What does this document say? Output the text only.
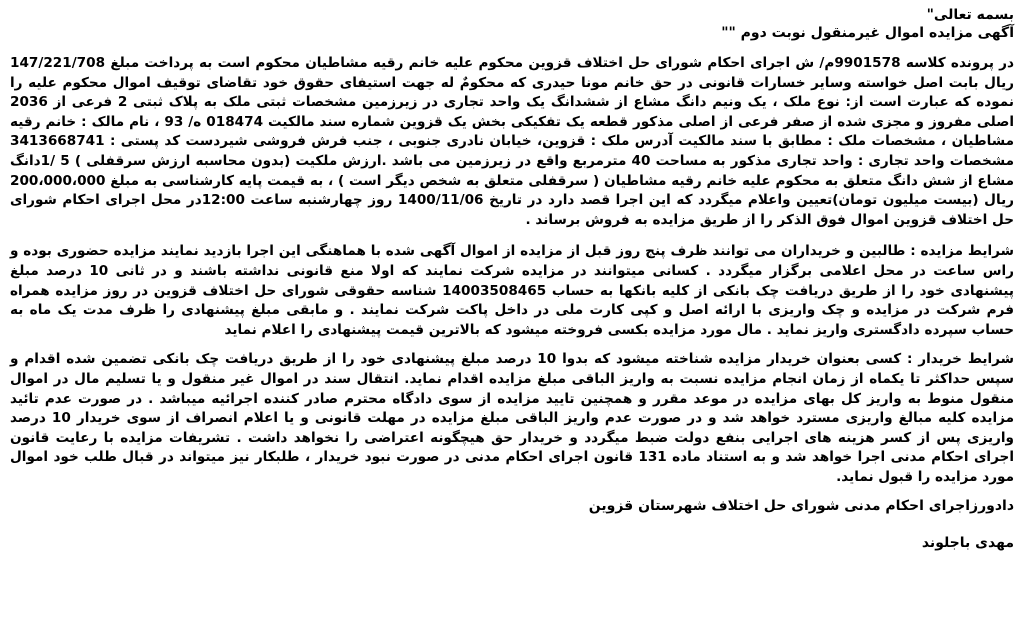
بسمه تعالی"

آگهی مزایده اموال غیرمنقول نوبت دوم ""

در پرونده کلاسه 9901578م/ ش اجرای احکام شورای حل اختلاف قزوین محکوم علیه خانم رقیه مشاطیان محکوم است به پرداخت مبلغ 147/221/708 ریال بابت اصل خواسته وسایر خسارات قانونی در حق خانم مونا حیدری که محکومٌ له جهت استیفای حقوق خود تقاضای توقیف اموال محکوم علیه را نموده که عبارت است از: نوع ملک ، یک ونیم دانگ مشاع از ششدانگ یک واحد تجاری در زیرزمین مشخصات ثبتی ملک به پلاک ثبتی 2 فرعی از 2036 اصلی مفروز و مجزی شده از صفر فرعی از اصلی مذکور قطعه یک تفکیکی بخش یک قزوین شماره سند مالکیت 018474 ه/ 93 ، نام مالک : خانم رقیه مشاطیان ، مشخصات ملک : مطابق با سند مالکیت آدرس ملک : قزوین، خیابان نادری جنوبی ، جنب فرش فروشی شیردست کد پستی : 3413668741 مشخصات واحد تجاری : واحد تجاری مذکور به مساحت 40 مترمربع واقع در زیرزمین می باشد .ارزش ملکیت (بدون محاسبه ارزش سرقفلی ) 5 /1دانگ مشاع از شش دانگ متعلق به محکوم علیه خانم رقیه مشاطیان ( سرقفلی متعلق به شخص دیگر است ) ، به قیمت پایه کارشناسی به مبلغ 200،000،000 ریال (بیست میلیون تومان)تعیین واعلام میگردد که این اجرا قصد دارد در تاریخ 1400/11/06 روز چهارشنبه ساعت 12:00در محل اجرای احکام شورای حل اختلاف قزوین اموال فوق الذکر را از طریق مزایده به فروش برساند .

شرایط مزایده : طالبین و خریداران می توانند ظرف پنج روز قبل از مزایده از اموال آگهی شده با هماهنگی این اجرا بازدید نمایند مزایده حضوری بوده و راس ساعت در محل اعلامی برگزار میگردد . کسانی میتوانند در مزایده شرکت نمایند که اولا منع قانونی نداشته باشند و در ثانی 10 درصد مبلغ پیشنهادی خود را از طریق دریافت چک بانکی از کلیه بانکها به حساب 14003508465 شناسه حقوقی شورای حل اختلاف قزوین در روز مزایده همراه فرم شرکت در مزایده و چک واریزی با ارائه اصل و کپی کارت ملی در داخل پاکت شرکت نمایند . و مابقی مبلغ پیشنهادی را ظرف مدت یک ماه به حساب سپرده دادگستری واریز نماید . مال مورد مزایده بکسی فروخته میشود که بالاترین قیمت پیشنهادی را اعلام نماید

شرایط خریدار : کسی بعنوان خریدار مزایده شناخته میشود که بدوا 10 درصد مبلغ پیشنهادی خود را از طریق دریافت چک بانکی تضمین شده اقدام و سپس حداکثر تا یکماه از زمان انجام مزایده نسبت به واریز الباقی مبلغ مزایده اقدام نماید. انتقال سند در اموال غیر منقول و یا تسلیم مال در اموال منقول منوط به واریز کل بهای مزایده در موعد مقرر و همچنین تایید مزایده از سوی دادگاه محترم صادر کننده اجرائیه میباشد . در صورت عدم تائید مزایده کلیه مبالغ واریزی مسترد خواهد شد و در صورت عدم واریز الباقی مبلغ مزایده در مهلت قانونی و یا اعلام انصراف از سوی خریدار 10 درصد واریزی پس از کسر هزینه های اجرایی بنفع دولت ضبط میگردد و خریدار حق هیچگونه اعتراضی را نخواهد داشت . تشریفات مزایده با رعایت قانون اجرای احکام مدنی اجرا خواهد شد و به استناد ماده 131 قانون اجرای احکام مدنی در صورت نبود خریدار ، طلبکار نیز میتواند در قبال طلب خود اموال مورد مزایده را قبول نماید.

دادورزاجرای احکام مدنی شورای حل اختلاف شهرستان قزوین

مهدی باجلوند
